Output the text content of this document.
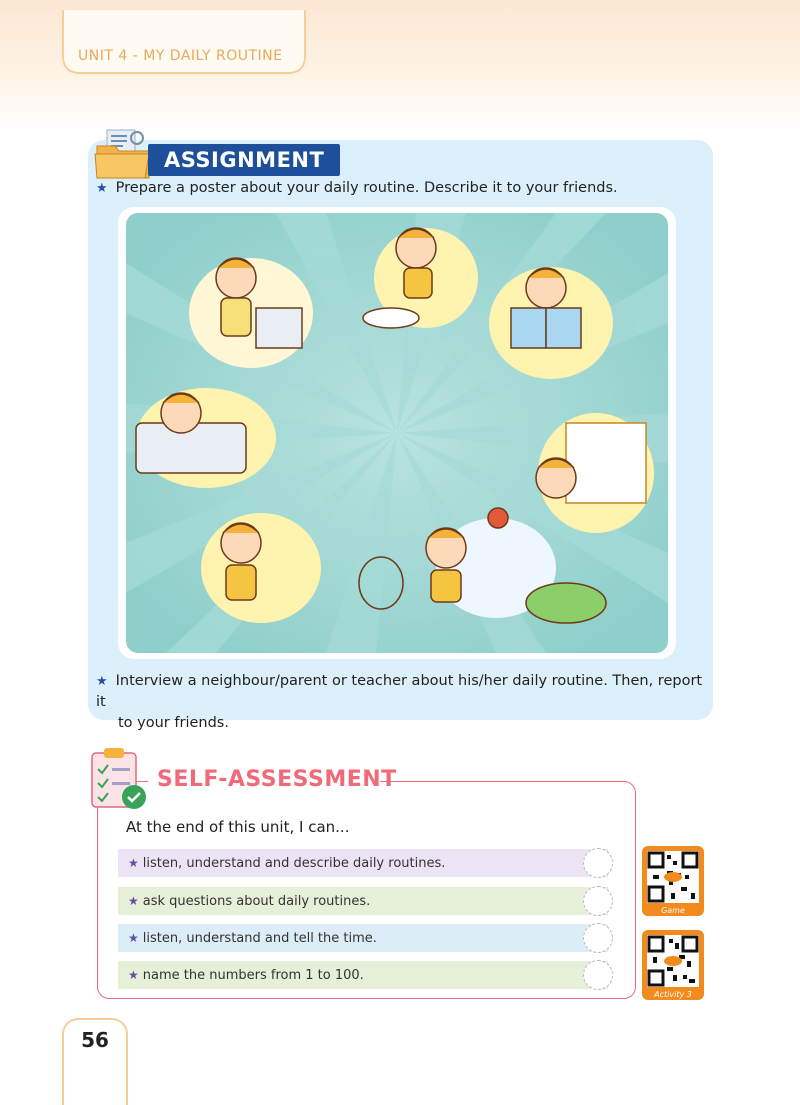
UNIT 4 - MY DAILY ROUTINE
ASSIGNMENT
★ Prepare a poster about your daily routine. Describe it to your friends.
★ Interview a neighbour/parent or teacher about his/her daily routine. Then, report it
to your friends.
SELF-ASSESSMENT
At the end of this unit, I can...
★ listen, understand and describe daily routines.
★ ask questions about daily routines.
★ listen, understand and tell the time.
★ name the numbers from 1 to 100.
Game
Activity 3
56
